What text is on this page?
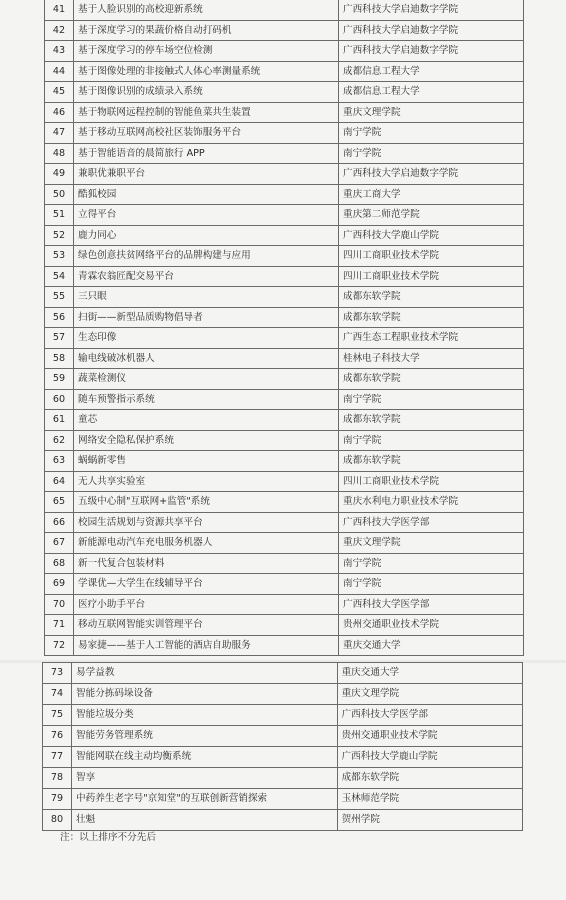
41	基于人脸识别的高校迎新系统	广西科技大学启迪数字学院
42	基于深度学习的果蔬价格自动打码机	广西科技大学启迪数字学院
43	基于深度学习的停车场空位检测	广西科技大学启迪数字学院
44	基于图像处理的非接触式人体心率测量系统	成都信息工程大学
45	基于图像识别的成绩录入系统	成都信息工程大学
46	基于物联网远程控制的智能鱼菜共生装置	重庆文理学院
47	基于移动互联网高校社区装饰服务平台	南宁学院
48	基于智能语音的晨简旅行 APP	南宁学院
49	兼职优兼职平台	广西科技大学启迪数字学院
50	酷狐校园	重庆工商大学
51	立得平台	重庆第二师范学院
52	鹿力同心	广西科技大学鹿山学院
53	绿色创意扶贫网络平台的品牌构建与应用	四川工商职业技术学院
54	青霖农翁匠配交易平台	四川工商职业技术学院
55	三只眼	成都东软学院
56	扫街——新型品质购物倡导者	成都东软学院
57	生态印像	广西生态工程职业技术学院
58	输电线破冰机器人	桂林电子科技大学
59	蔬菜检测仪	成都东软学院
60	随车预警指示系统	南宁学院
61	童芯	成都东软学院
62	网络安全隐私保护系统	南宁学院
63	蜗蜗新零售	成都东软学院
64	无人共享实验室	四川工商职业技术学院
65	五级中心制"互联网+监管"系统	重庆水利电力职业技术学院
66	校园生活规划与资源共享平台	广西科技大学医学部
67	新能源电动汽车充电服务机器人	重庆文理学院
68	新一代复合包装材料	南宁学院
69	学课优—大学生在线辅导平台	南宁学院
70	医疗小助手平台	广西科技大学医学部
71	移动互联网智能实训管理平台	贵州交通职业技术学院
72	易家捷——基于人工智能的酒店自助服务	重庆交通大学
73	易学益教	重庆交通大学
74	智能分拣码垛设备	重庆文理学院
75	智能垃圾分类	广西科技大学医学部
76	智能劳务管理系统	贵州交通职业技术学院
77	智能网联在线主动均衡系统	广西科技大学鹿山学院
78	智享	成都东软学院
79	中药养生老字号"京知堂"的互联创新营销探索	玉林师范学院
80	壮魁	贺州学院
注：以上排序不分先后
